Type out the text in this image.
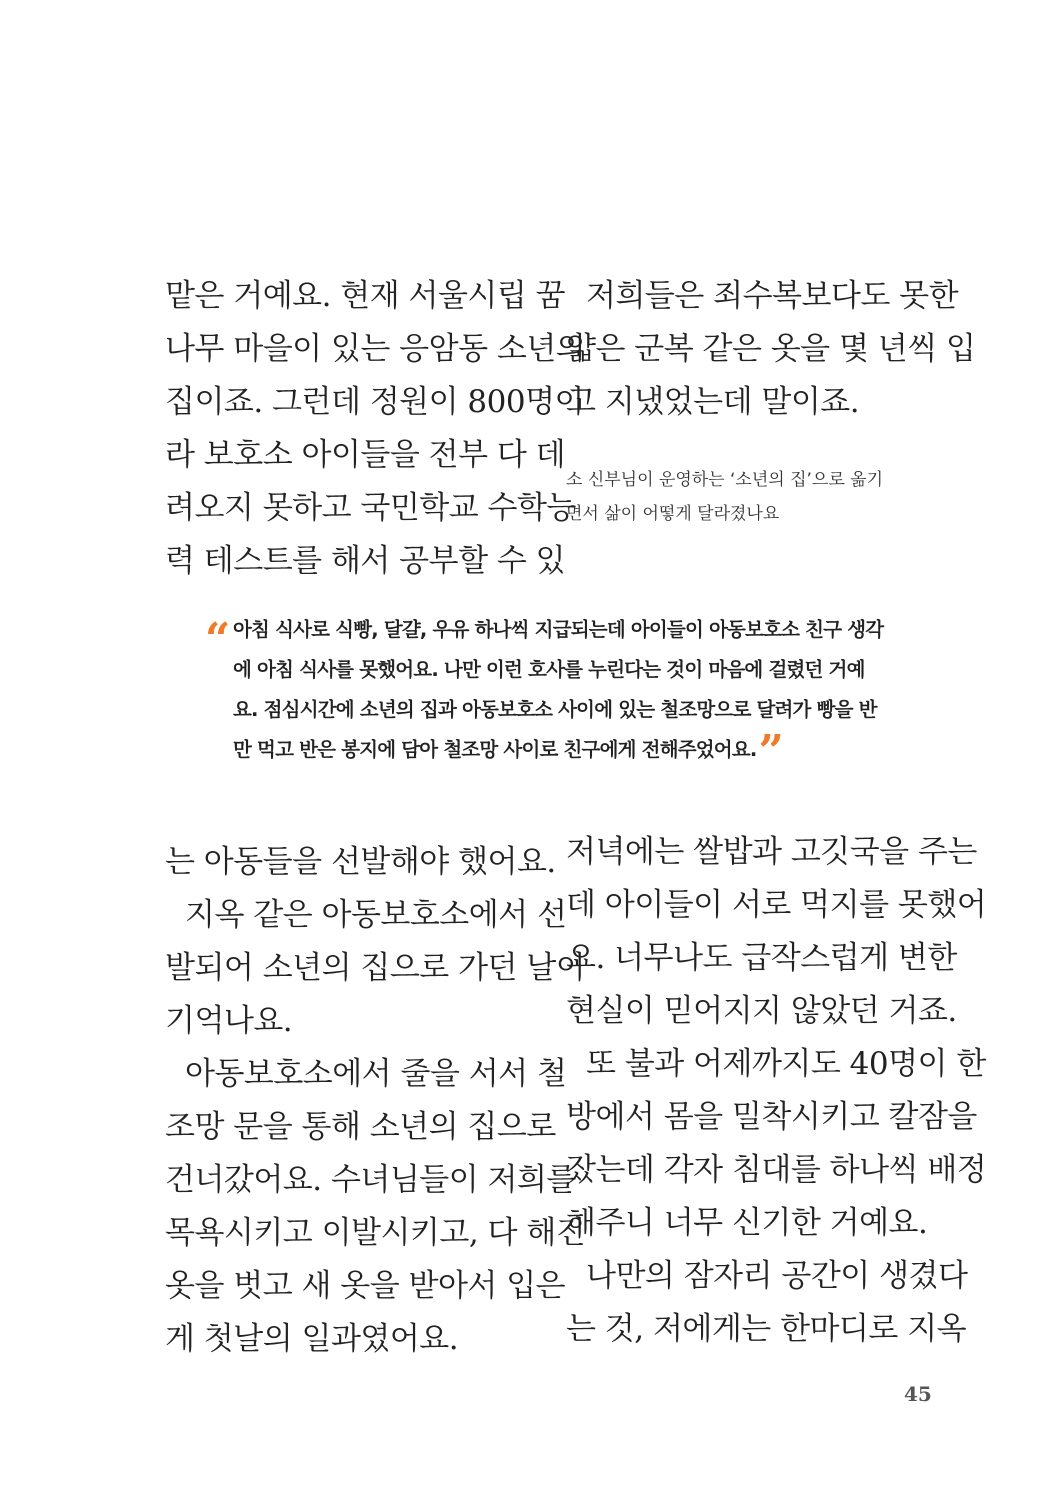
맡은 거예요. 현재 서울시립 꿈
나무 마을이 있는 응암동 소년의
집이죠. 그런데 정원이 800명이
라 보호소 아이들을 전부 다 데
려오지 못하고 국민학교 수학능
력 테스트를 해서 공부할 수 있
저희들은 죄수복보다도 못한
얇은 군복 같은 옷을 몇 년씩 입
고 지냈었는데 말이죠.
소 신부님이 운영하는 ‘소년의 집’으로 옮기
면서 삶이 어떻게 달라졌나요
“ 아침 식사로 식빵, 달걀, 우유 하나씩 지급되는데 아이들이 아동보호소 친구 생각
에 아침 식사를 못했어요. 나만 이런 호사를 누린다는 것이 마음에 걸렸던 거예
요. 점심시간에 소년의 집과 아동보호소 사이에 있는 철조망으로 달려가 빵을 반
만 먹고 반은 봉지에 담아 철조망 사이로 친구에게 전해주었어요.”
는 아동들을 선발해야 했어요.
지옥 같은 아동보호소에서 선
발되어 소년의 집으로 가던 날이
기억나요.
아동보호소에서 줄을 서서 철
조망 문을 통해 소년의 집으로
건너갔어요. 수녀님들이 저희를
목욕시키고 이발시키고, 다 해진
옷을 벗고 새 옷을 받아서 입은
게 첫날의 일과였어요.
저녁에는 쌀밥과 고깃국을 주는
데 아이들이 서로 먹지를 못했어
요. 너무나도 급작스럽게 변한
현실이 믿어지지 않았던 거죠.
또 불과 어제까지도 40명이 한
방에서 몸을 밀착시키고 칼잠을
잤는데 각자 침대를 하나씩 배정
해주니 너무 신기한 거예요.
나만의 잠자리 공간이 생겼다
는 것, 저에게는 한마디로 지옥
45
